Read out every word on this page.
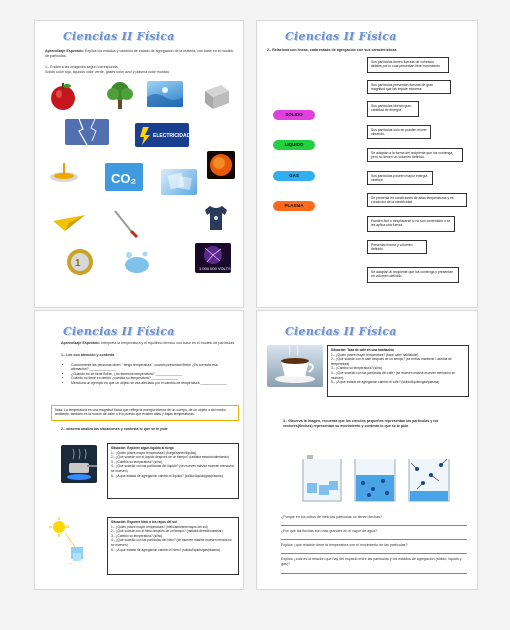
Ciencias II Física
Aprendizaje Esperado: Explica los estados y cambios de estado de agregación de la materia, con base en el modelo de partículas.
1.- Encierra las imágenes según corresponda,
Solido color rojo, liquidos color verde, gases color azul y plasma color morado
ELECTRICIDAD
CO₂
1	1.000.000 VOLTS
Ciencias II Física
2.- Relaciona con líneas, cada estado de agregación con sus características
SÓLIDO
LIQUIDO
GAS
PLASMA
Sus partículas tienen fuerzas de cohesión débiles por lo cual presentan libre movimiento
Sus partículas presentan fuerzas de gran magnitud que las impide moverse
Sus partículas liberan gran cantidad de energía
Sus partículas solo se pueden mover vibrando.
Se adaptan a la forma del recipiente que los contenga, pero no tienen un volumen definido.
Sus partículas poseen mayor energía cinética
Se presenta en condiciones de altas temperaturas y es conductor de la electricidad
Pueden fluir o desplazarse si no son contenidos o se les aplica una fuerza
Presentan forma y volumen definido.
Se adaptan al recipiente que los contenga y presentan un volumen definido.
Ciencias II Física
Aprendizaje Esperado: Interpreta la temperatura y el equilibrio térmico con base en el modelo de partículas.
1.- Lee con atención y contesta
• Comúnmente las personas dicen " tengo temperatura", cuando presentan fiebre ¿Es correcta esa afirmación? ______________
• ¿Cuándo no se tiene fiebre, ¿no tenemos temperatura? ______________
• Cuándo no tiene en dentro ¿cambia su temperatura? ______________
• Menciona un ejemplo en que un objeto se vea afectado por el cambio de temperatura ______________
Nota: La temperatura es una magnitud física que refleja la energía interna de un cuerpo, de un objeto o del medio ambiente, también es la noción de calor o frío puesto que existen altas y bajas temperaturas.
2.- observa analiza las situaciones y contesta lo que se te pide
Situación: Exponer algún líquido al fuego
1.- ¿Quién posee mayor temperatura? (fuego/sartén/líquido)
2.- ¿Qué sucede con el líquido después de un tiempo? (radiaba estado/calentando)
3.- ¿Cambia su temperatura? (si/no)
4.- ¿Qué sucedió con las partículas del líquido? (se mueven más/se mueven menos/no se mueven)
5.- ¿A qué estado de agregación cambio el líquido? (sólido/líquido/gas/plasma)
~
Situación: Exponer hielo a los rayos del sol
1.- ¿Quién posee mayor temperatura? (hielo/ambiente/rayos del sol)
2.- ¿Qué sucede con el hielo después de un tiempo? (radiaba derretir/cambiar)
3.- ¿Cambio su temperatura? (si/no)
4.- ¿Qué sucedió con las partículas del hielo? (se mueven más/se mueven menos/no se mueven)
5.- ¿A qué estado de agregación cambio el hielo? (sólido/líquido/gas/plasma)
Ciencias II Física
Situación: Taza de café en una habitación
1.- ¿Quién posee mayor temperatura? (taza/ café/ habitación)
2.- ¿Qué sucede con el café después de un tiempo? (se enfría/ mantiene / cambia de temperatura)
3.- ¿Cambio su temperatura? (si/no)
4.- ¿Qué sucedió con las partículas del café? (se mueven más/se mueven menos/no se mueven)
5.- ¿A qué estado de agregación cambio el café? (sólido/líquido/gas/plasma)
3.- Observa la imagen, recuerda que los círculos pequeños representan las partículas y los vectores(flechas) representan su movimiento y contesta lo que se te pide
¿Porque en los cubos de hielo las partículas no tienen flechas?
¿Por qué las flechas son más grandes en el vapor de agua?
Explica ¿qué relación tiene la temperatura con el movimiento de las partículas?
Explica ¿cuál es la relación que hay del espacio entre las partículas y los estados de agregación (sólido, líquido y gas)?
